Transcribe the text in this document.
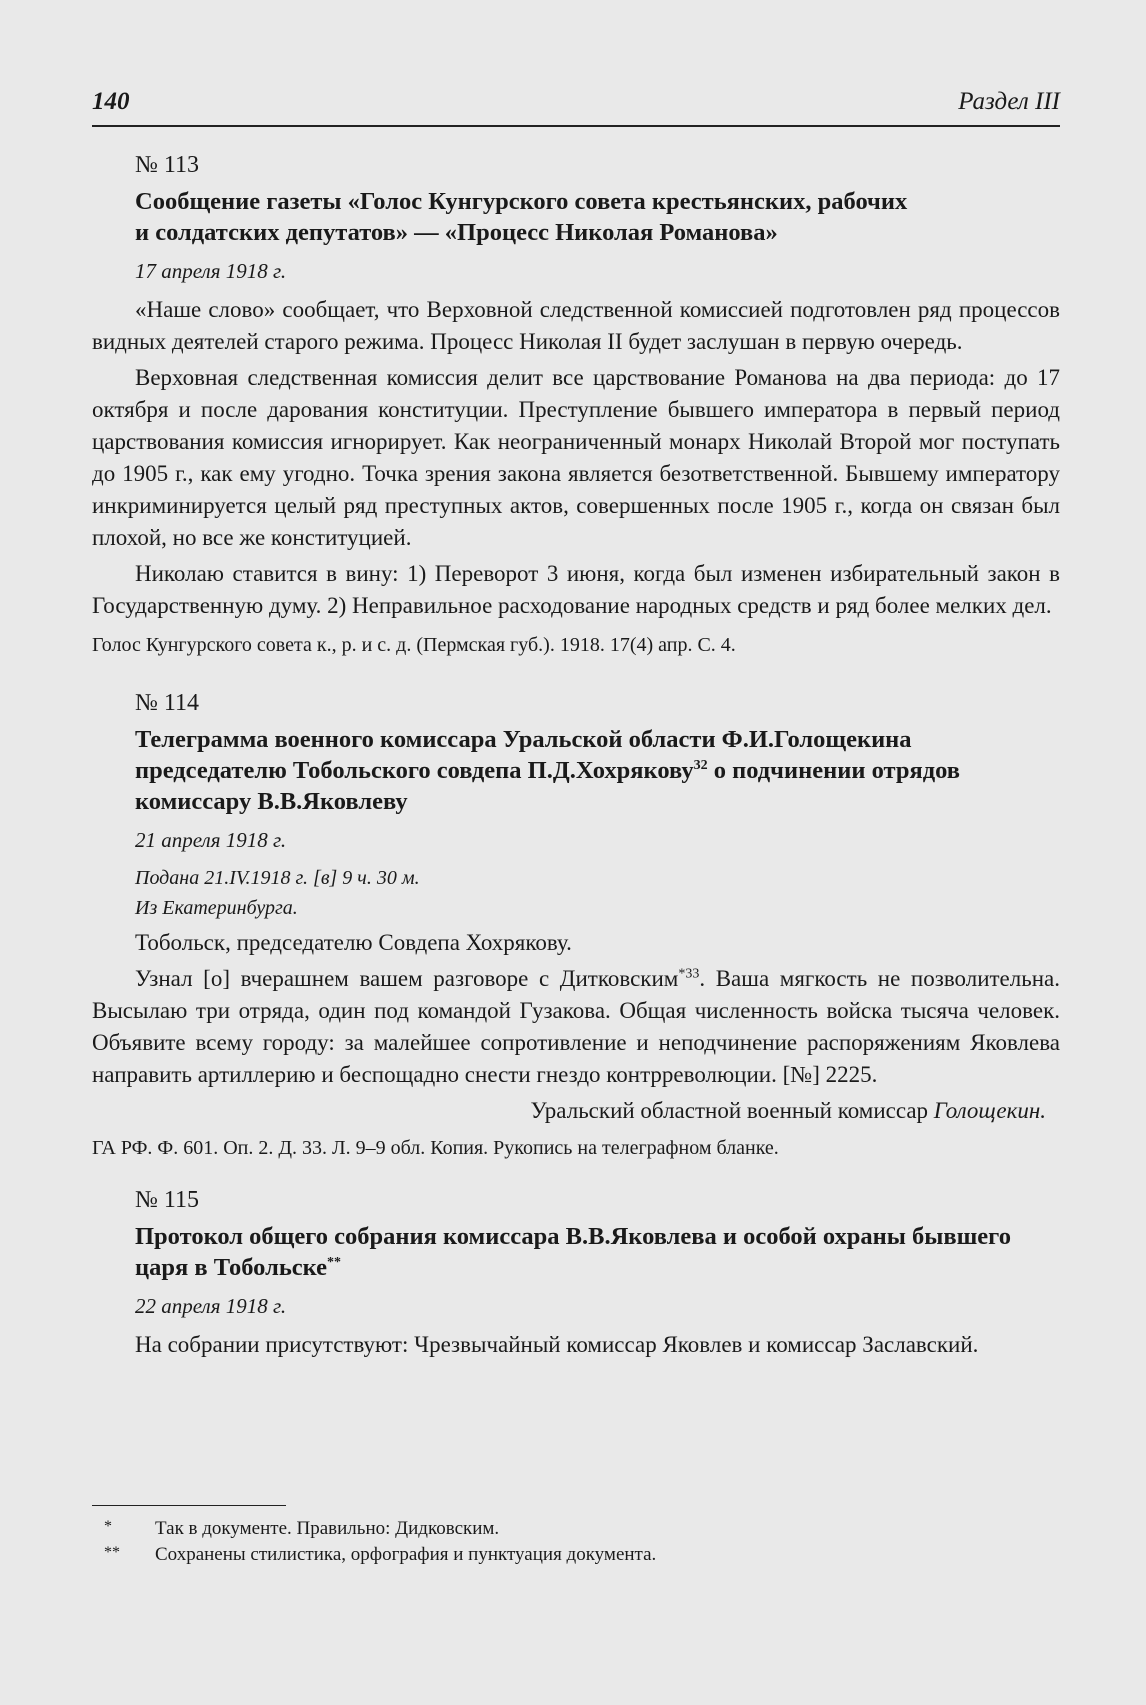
140	Раздел III
№ 113
Сообщение газеты «Голос Кунгурского совета крестьянских, рабочих
и солдатских депутатов» — «Процесс Николая Романова»
17 апреля 1918 г.

«Наше слово» сообщает, что Верховной следственной комиссией подготовлен ряд процессов видных деятелей старого режима. Процесс Николая II будет заслушан в первую очередь.

Верховная следственная комиссия делит все царствование Романова на два периода: до 17 октября и после дарования конституции. Преступление бывшего императора в первый период царствования комиссия игнорирует. Как неограниченный монарх Николай Второй мог поступать до 1905 г., как ему угодно. Точка зрения закона является безответственной. Бывшему императору инкриминируется целый ряд преступных актов, совершенных после 1905 г., когда он связан был плохой, но все же конституцией.

Николаю ставится в вину: 1) Переворот 3 июня, когда был изменен избирательный закон в Государственную думу. 2) Неправильное расходование народных средств и ряд более мелких дел.

Голос Кунгурского совета к., р. и с. д. (Пермская губ.). 1918. 17(4) апр. С. 4.
№ 114
Телеграмма военного комиссара Уральской области Ф.И.Голощекина председателю Тобольского совдепа П.Д.Хохрякову$^{32}$ о подчинении отрядов комиссару В.В.Яковлеву
21 апреля 1918 г.
Подана 21.IV.1918 г. [в] 9 ч. 30 м.
Из Екатеринбурга.

Тобольск, председателю Совдепа Хохрякову.

Узнал [о] вчерашнем вашем разговоре с Дитковским$^{*33}$. Ваша мягкость не позволительна. Высылаю три отряда, один под командой Гузакова. Общая численность войска тысяча человек. Объявите всему городу: за малейшее сопротивление и неподчинение распоряжениям Яковлева направить артиллерию и беспощадно снести гнездо контрреволюции. [№] 2225.

Уральский областной военный комиссар Голощекин.
ГА РФ. Ф. 601. Оп. 2. Д. 33. Л. 9–9 обл. Копия. Рукопись на телеграфном бланке.
№ 115
Протокол общего собрания комиссара В.В.Яковлева и особой охраны бывшего царя в Тобольске**
22 апреля 1918 г.

На собрании присутствуют: Чрезвычайный комиссар Яковлев и комиссар Заславский.

* Так в документе. Правильно: Дидковским.
** Сохранены стилистика, орфография и пунктуация документа.
